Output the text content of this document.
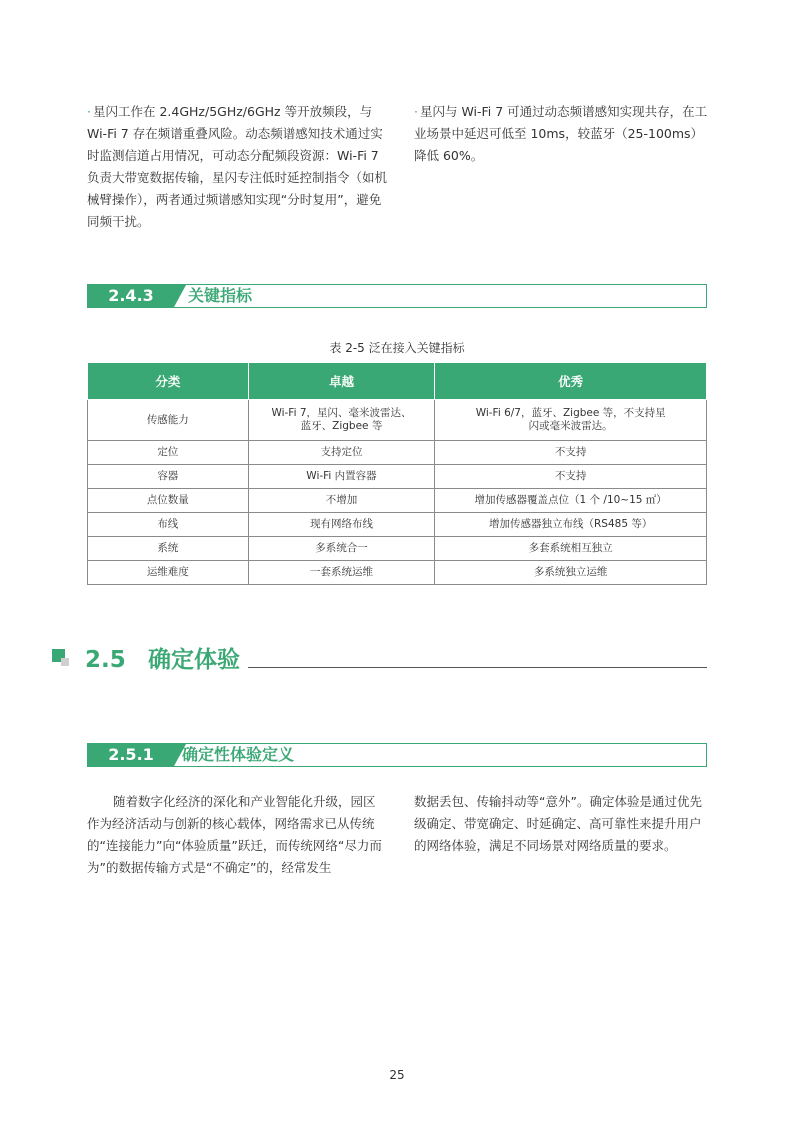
· 星闪工作在 2.4GHz/5GHz/6GHz 等开放频段，与 Wi-Fi 7 存在频谱重叠风险。动态频谱感知技术通过实时监测信道占用情况，可动态分配频段资源：Wi-Fi 7 负责大带宽数据传输，星闪专注低时延控制指令（如机械臂操作），两者通过频谱感知实现“分时复用”，避免同频干扰。

· 星闪与 Wi-Fi 7 可通过动态频谱感知实现共存，在工业场景中延迟可低至 10ms，较蓝牙（25-100ms）降低 60%。

2.4.3	关键指标
表 2-5 泛在接入关键指标
分类	卓越	优秀
传感能力	Wi-Fi 7，星闪、毫米波雷达、蓝牙、Zigbee 等	Wi-Fi 6/7，蓝牙、Zigbee 等，不支持星闪或毫米波雷达。
定位	支持定位	不支持
容器	Wi-Fi 内置容器	不支持
点位数量	不增加	增加传感器覆盖点位（1 个 /10~15 ㎡）
布线	现有网络布线	增加传感器独立布线（RS485 等）
系统	多系统合一	多套系统相互独立
运维难度	一套系统运维	多系统独立运维
2.5 确定体验
2.5.1	确定性体验定义

随着数字化经济的深化和产业智能化升级，园区作为经济活动与创新的核心载体，网络需求已从传统的“连接能力”向“体验质量”跃迁，而传统网络“尽力而为”的数据传输方式是“不确定”的，经常发生

数据丢包、传输抖动等“意外”。确定体验是通过优先级确定、带宽确定、时延确定、高可靠性来提升用户的网络体验，满足不同场景对网络质量的要求。

25
